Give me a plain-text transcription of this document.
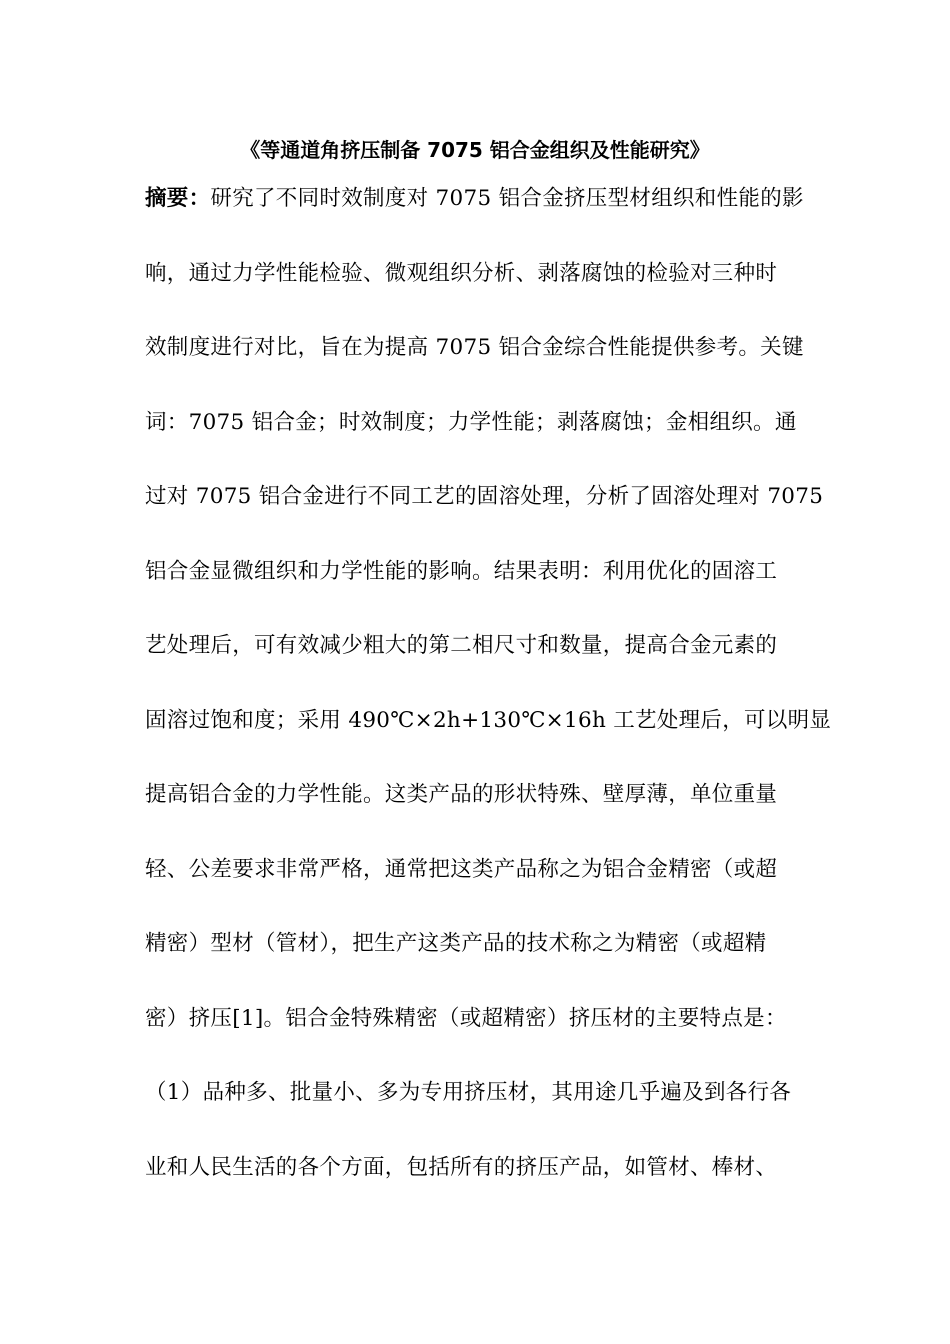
《等通道角挤压制备 7075 铝合金组织及性能研究》
摘要：研究了不同时效制度对 7075 铝合金挤压型材组织和性能的影
响，通过力学性能检验、微观组织分析、剥落腐蚀的检验对三种时
效制度进行对比，旨在为提高 7075 铝合金综合性能提供参考。关键
词：7075 铝合金；时效制度；力学性能；剥落腐蚀；金相组织。通
过对 7075 铝合金进行不同工艺的固溶处理，分析了固溶处理对 7075
铝合金显微组织和力学性能的影响。结果表明：利用优化的固溶工
艺处理后，可有效减少粗大的第二相尺寸和数量，提高合金元素的
固溶过饱和度；采用 490℃×2h+130℃×16h 工艺处理后，可以明显
提高铝合金的力学性能。这类产品的形状特殊、壁厚薄，单位重量
轻、公差要求非常严格，通常把这类产品称之为铝合金精密（或超
精密）型材（管材），把生产这类产品的技术称之为精密（或超精
密）挤压[1]。铝合金特殊精密（或超精密）挤压材的主要特点是：
（1）品种多、批量小、多为专用挤压材，其用途几乎遍及到各行各
业和人民生活的各个方面，包括所有的挤压产品，如管材、棒材、
